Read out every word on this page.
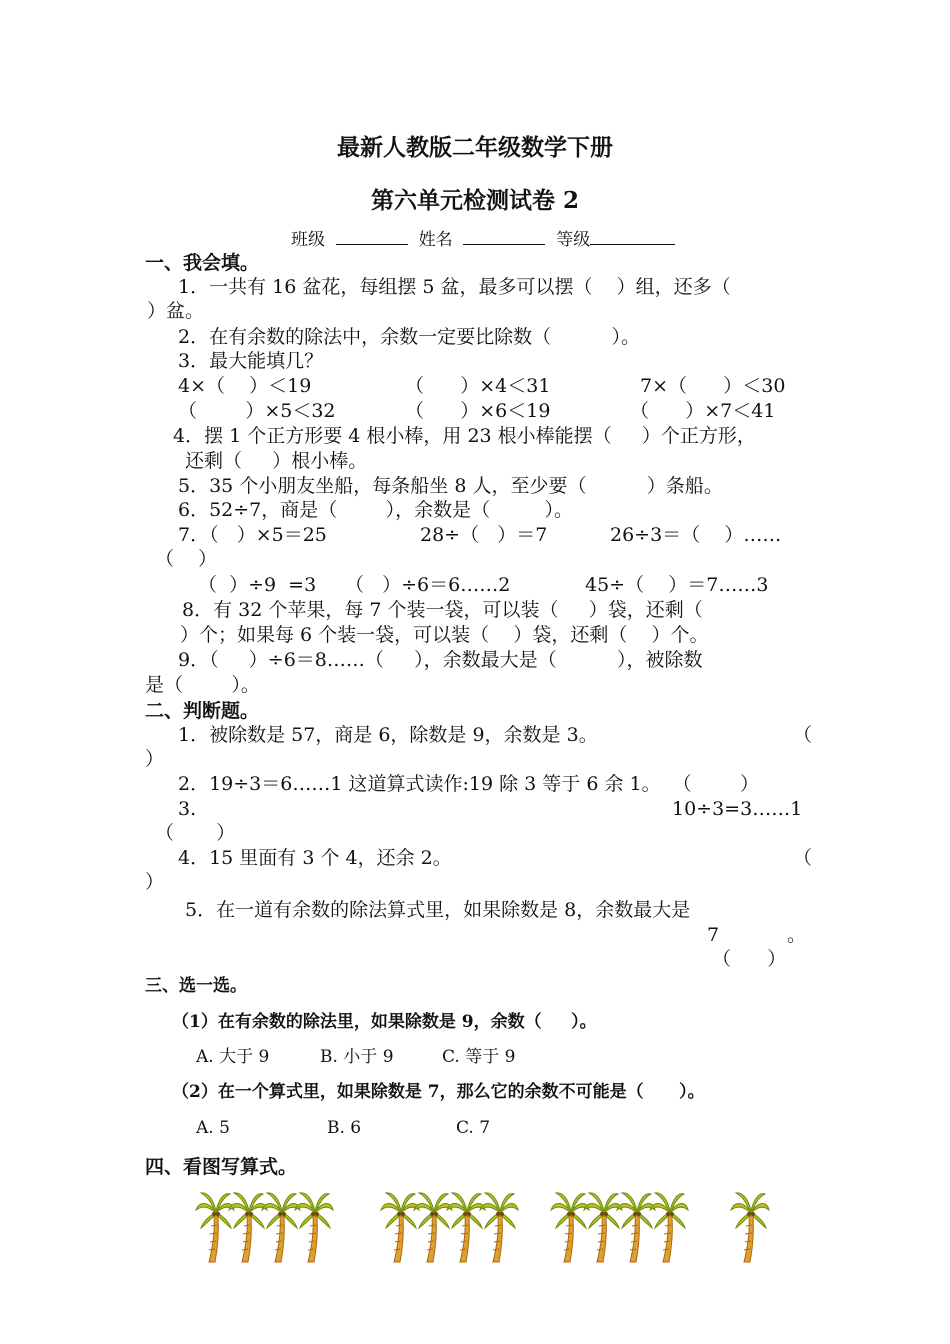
最新人教版二年级数学下册
第六单元检测试卷 2
班级	姓名	等级
一、我会填。
1．一共有 16 盆花，每组摆 5 盆，最多可以摆（    ）组，还多（
）盆。
2．在有余数的除法中，余数一定要比除数（          ）。
3．最大能填几？
4×（    ）＜19	（      ）×4＜31	7×（      ）＜30
（        ）×5＜32	（      ）×6＜19	（      ）×7＜41
4．摆 1 个正方形要 4 根小棒，用 23 根小棒能摆（     ）个正方形，
还剩（     ）根小棒。
5．35 个小朋友坐船，每条船坐 8 人，至少要（          ）条船。
6．52÷7，商是（        ），余数是（         ）。
7．（   ）×5＝25	28÷（   ）＝7	26÷3＝（    ）……
（    ）
（  ）÷9  =3 （   ）÷6＝6……2	45÷（    ）＝7……3
8．有 32 个苹果，每 7 个装一袋，可以装（     ）袋，还剩（
）个；如果每 6 个装一袋，可以装（    ）袋，还剩（    ）个。
9．（     ）÷6＝8……（     ），余数最大是（          ），被除数
是（        ）。
二、判断题。
1．被除数是 57，商是 6，除数是 9，余数是 3。	（
）
2．19÷3＝6……1 这道算式读作:19 除 3 等于 6 余 1。  （        ）
3.	10÷3=3……1
（       ）
4．15 里面有 3 个 4，还余 2。	（
）
5．在一道有余数的除法算式里，如果除数是 8，余数最大是
7	。
（      ）
三、选一选。
（1）在有余数的除法里，如果除数是 9，余数（     ）。
A. 大于 9	B. 小于 9	C. 等于 9
（2）在一个算式里，如果除数是 7，那么它的余数不可能是（      ）。
A. 5	B. 6	C. 7
四、看图写算式。
